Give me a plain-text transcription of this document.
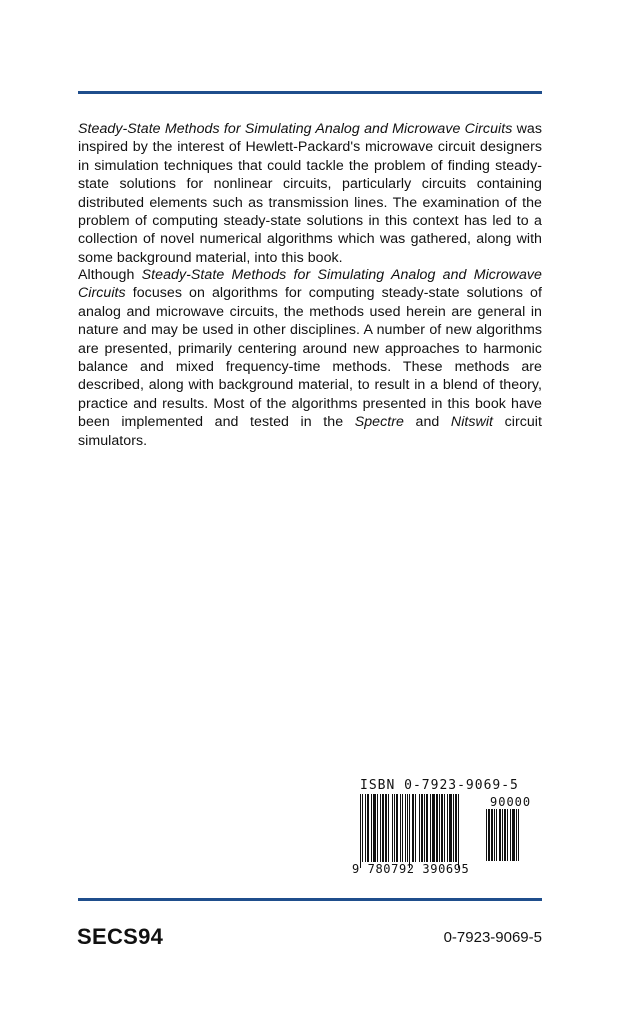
Steady-State Methods for Simulating Analog and Microwave Circuits was inspired by the interest of Hewlett-Packard's microwave circuit designers in simulation techniques that could tackle the problem of finding steady-state solutions for nonlinear circuits, particularly circuits containing distributed elements such as transmission lines. The examination of the problem of computing steady-state solutions in this context has led to a collection of novel numerical algorithms which was gathered, along with some background material, into this book.
Although Steady-State Methods for Simulating Analog and Microwave Circuits focuses on algorithms for computing steady-state solutions of analog and microwave circuits, the methods used herein are general in nature and may be used in other disciplines. A number of new algorithms are presented, primarily centering around new approaches to harmonic balance and mixed frequency-time methods. These methods are described, along with background material, to result in a blend of theory, practice and results. Most of the algorithms presented in this book have been implemented and tested in the Spectre and Nitswit circuit simulators.
ISBN 0-7923-9069-5
90000
9 780792 390695
SECS94	0-7923-9069-5
